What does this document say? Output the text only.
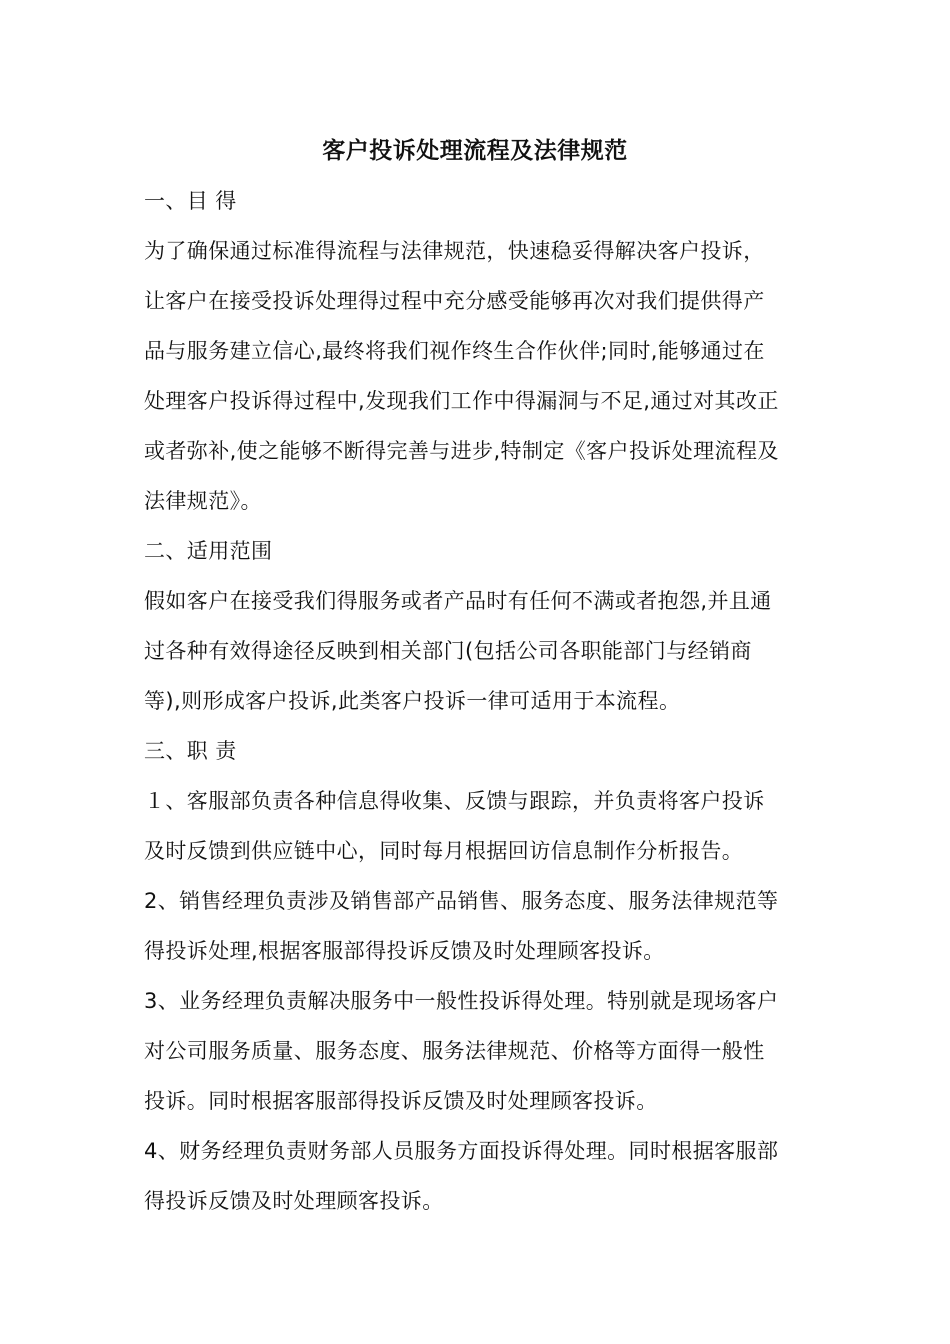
客户投诉处理流程及法律规范
一、目 得
为了确保通过标准得流程与法律规范，快速稳妥得解决客户投诉，
让客户在接受投诉处理得过程中充分感受能够再次对我们提供得产
品与服务建立信心,最终将我们视作终生合作伙伴;同时,能够通过在
处理客户投诉得过程中,发现我们工作中得漏洞与不足,通过对其改正
或者弥补,使之能够不断得完善与进步,特制定《客户投诉处理流程及
法律规范》。
二、适用范围
假如客户在接受我们得服务或者产品时有任何不满或者抱怨,并且通
过各种有效得途径反映到相关部门(包括公司各职能部门与经销商
等),则形成客户投诉,此类客户投诉一律可适用于本流程。
三、职 责
１、客服部负责各种信息得收集、反馈与跟踪，并负责将客户投诉
及时反馈到供应链中心，同时每月根据回访信息制作分析报告。
2、销售经理负责涉及销售部产品销售、服务态度、服务法律规范等
得投诉处理,根据客服部得投诉反馈及时处理顾客投诉。
3、业务经理负责解决服务中一般性投诉得处理。特别就是现场客户
对公司服务质量、服务态度、服务法律规范、价格等方面得一般性
投诉。同时根据客服部得投诉反馈及时处理顾客投诉。
4、财务经理负责财务部人员服务方面投诉得处理。同时根据客服部
得投诉反馈及时处理顾客投诉。
